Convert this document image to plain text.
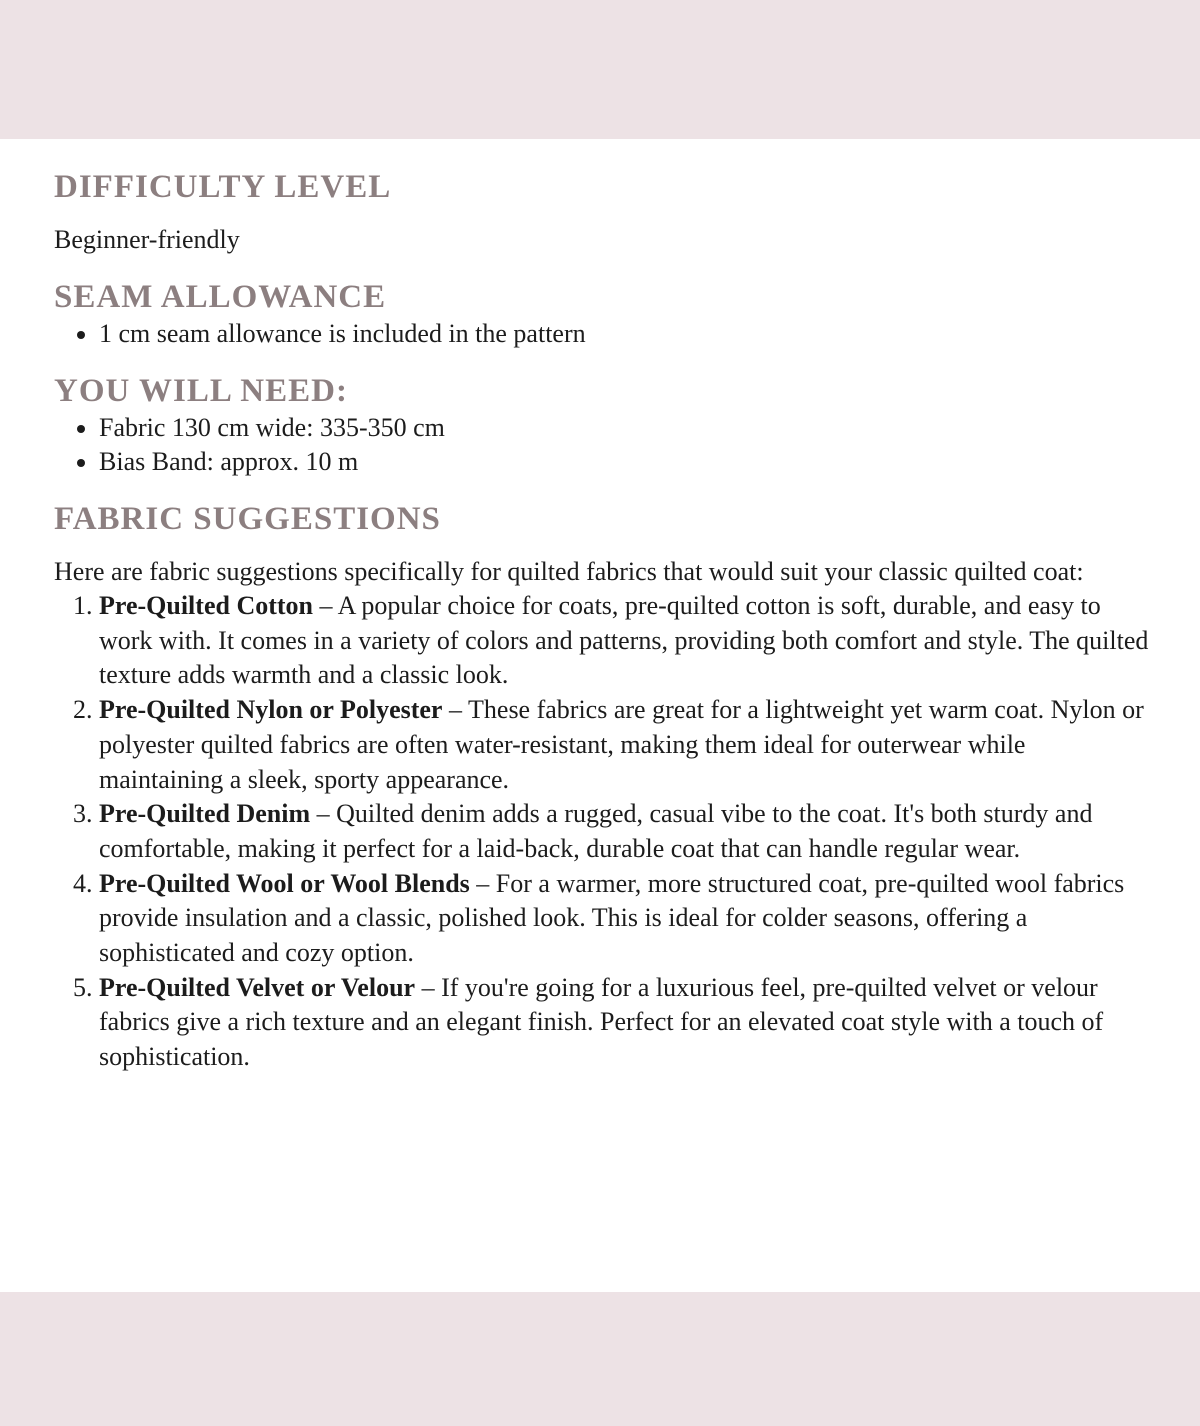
DIFFICULTY LEVEL

Beginner-friendly

SEAM ALLOWANCE
• 1 cm seam allowance is included in the pattern
YOU WILL NEED:
• Fabric 130 cm wide: 335-350 cm
• Bias Band: approx. 10 m
FABRIC SUGGESTIONS

Here are fabric suggestions specifically for quilted fabrics that would suit your classic quilted coat:

1. Pre-Quilted Cotton – A popular choice for coats, pre-quilted cotton is soft, durable, and easy to work with. It comes in a variety of colors and patterns, providing both comfort and style. The quilted texture adds warmth and a classic look.
2. Pre-Quilted Nylon or Polyester – These fabrics are great for a lightweight yet warm coat. Nylon or polyester quilted fabrics are often water-resistant, making them ideal for outerwear while maintaining a sleek, sporty appearance.
3. Pre-Quilted Denim – Quilted denim adds a rugged, casual vibe to the coat. It's both sturdy and comfortable, making it perfect for a laid-back, durable coat that can handle regular wear.
4. Pre-Quilted Wool or Wool Blends – For a warmer, more structured coat, pre-quilted wool fabrics provide insulation and a classic, polished look. This is ideal for colder seasons, offering a sophisticated and cozy option.
5. Pre-Quilted Velvet or Velour – If you're going for a luxurious feel, pre-quilted velvet or velour fabrics give a rich texture and an elegant finish. Perfect for an elevated coat style with a touch of sophistication.
